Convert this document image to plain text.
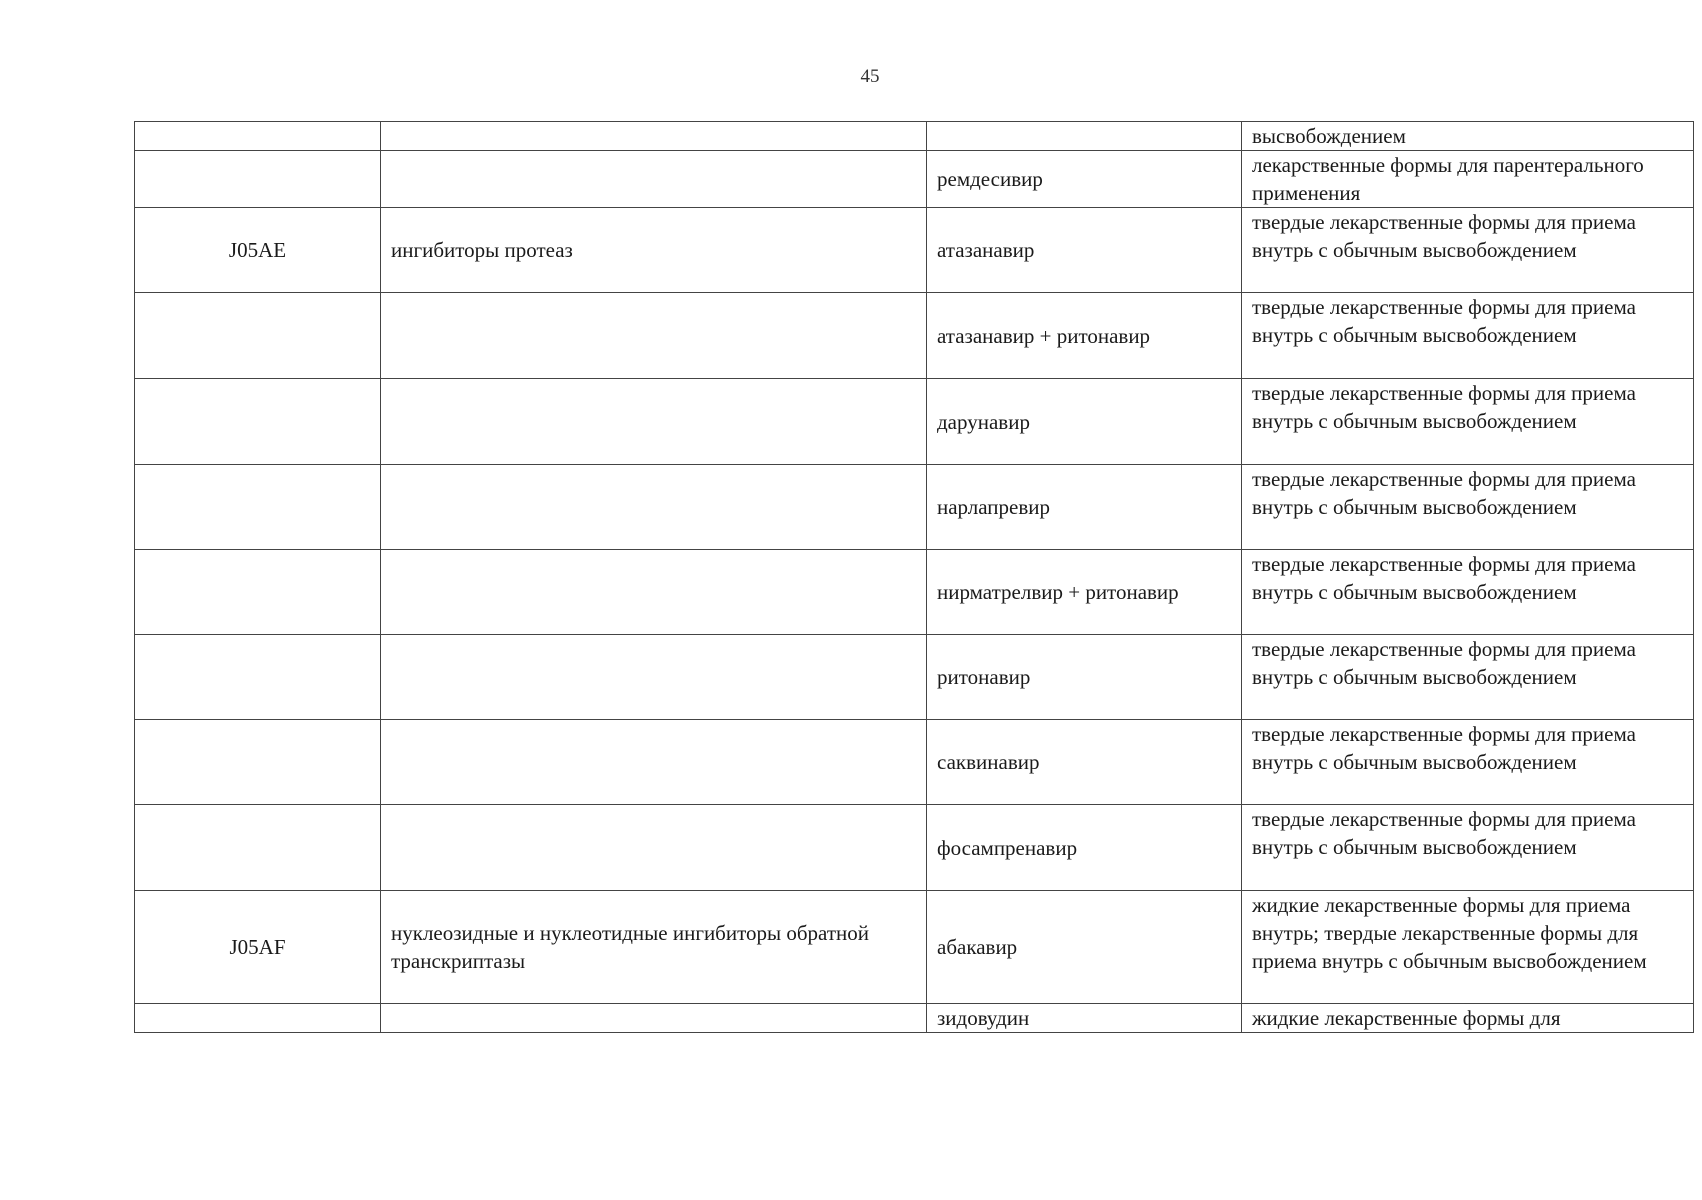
45
			высвобождением
		ремдесивир	лекарственные формы для парентерального применения
J05AE	ингибиторы протеаз	атазанавир	твердые лекарственные формы для приема внутрь с обычным высвобождением
		атазанавир + ритонавир	твердые лекарственные формы для приема внутрь с обычным высвобождением
		дарунавир	твердые лекарственные формы для приема внутрь с обычным высвобождением
		нарлапревир	твердые лекарственные формы для приема внутрь с обычным высвобождением
		нирматрелвир + ритонавир	твердые лекарственные формы для приема внутрь с обычным высвобождением
		ритонавир	твердые лекарственные формы для приема внутрь с обычным высвобождением
		саквинавир	твердые лекарственные формы для приема внутрь с обычным высвобождением
		фосампренавир	твердые лекарственные формы для приема внутрь с обычным высвобождением
J05AF	нуклеозидные и нуклеотидные ингибиторы обратной транскриптазы	абакавир	жидкие лекарственные формы для приема внутрь; твердые лекарственные формы для приема внутрь с обычным высвобождением
		зидовудин	жидкие лекарственные формы для
